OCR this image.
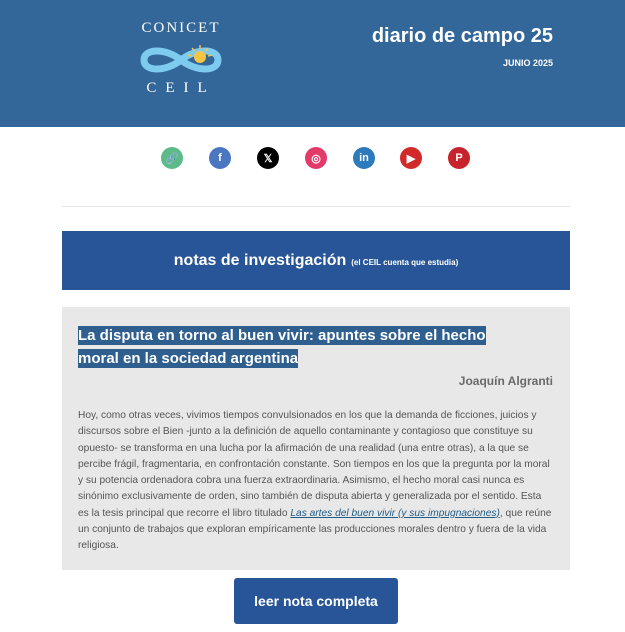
CONICET
CEIL
diario de campo 25
JUNIO 2025
🔗	f	𝕏	◎	in	▶	P
notas de investigación (el CEIL cuenta que estudia)
La disputa en torno al buen vivir: apuntes sobre el hecho
moral en la sociedad argentina
Joaquín Algranti
Hoy, como otras veces, vivimos tiempos convulsionados en los que la demanda de ficciones, juicios y discursos sobre el Bien -junto a la definición de aquello contaminante y contagioso que constituye su opuesto- se transforma en una lucha por la afirmación de una realidad (una entre otras), a la que se percibe frágil, fragmentaria, en confrontación constante. Son tiempos en los que la pregunta por la moral y su potencia ordenadora cobra una fuerza extraordinaria. Asimismo, el hecho moral casi nunca es sinónimo exclusivamente de orden, sino también de disputa abierta y generalizada por el sentido. Esta es la tesis principal que recorre el libro titulado Las artes del buen vivir (y sus impugnaciones), que reúne un conjunto de trabajos que exploran empíricamente las producciones morales dentro y fuera de la vida religiosa.
leer nota completa
